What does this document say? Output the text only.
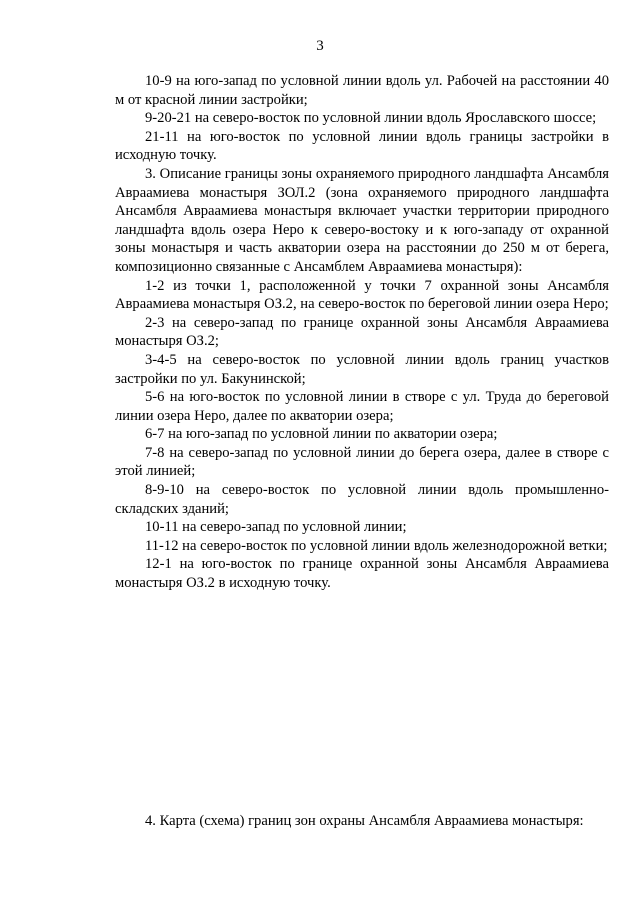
3

10-9 на юго-запад по условной линии вдоль ул. Рабочей на расстоянии 40 м от красной линии застройки;

9-20-21 на северо-восток по условной линии вдоль Ярославского шоссе;

21-11 на юго-восток по условной линии вдоль границы застройки в исходную точку.

3. Описание границы зоны охраняемого природного ландшафта Ансамбля Авраамиева монастыря ЗОЛ.2 (зона охраняемого природного ландшафта Ансамбля Авраамиева монастыря включает участки территории природного ландшафта вдоль озера Неро к северо-востоку и к юго-западу от охранной зоны монастыря и часть акватории озера на расстоянии до 250 м от берега, композиционно связанные с Ансамблем Авраамиева монастыря):

1-2 из точки 1, расположенной у точки 7 охранной зоны Ансамбля Авраамиева монастыря ОЗ.2, на северо-восток по береговой линии озера Неро;

2-3 на северо-запад по границе охранной зоны Ансамбля Авраамиева монастыря ОЗ.2;

3-4-5 на северо-восток по условной линии вдоль границ участков застройки по ул. Бакунинской;

5-6 на юго-восток по условной линии в створе с ул. Труда до береговой линии озера Неро, далее по акватории озера;

6-7 на юго-запад по условной линии по акватории озера;

7-8 на северо-запад по условной линии до берега озера, далее в створе с этой линией;

8-9-10 на северо-восток по условной линии вдоль промышленно-складских зданий;

10-11 на северо-запад по условной линии;

11-12 на северо-восток по условной линии вдоль железнодорожной ветки;

12-1 на юго-восток по границе охранной зоны Ансамбля Авраамиева монастыря ОЗ.2 в исходную точку.

4. Карта (схема) границ зон охраны Ансамбля Авраамиева монастыря:
